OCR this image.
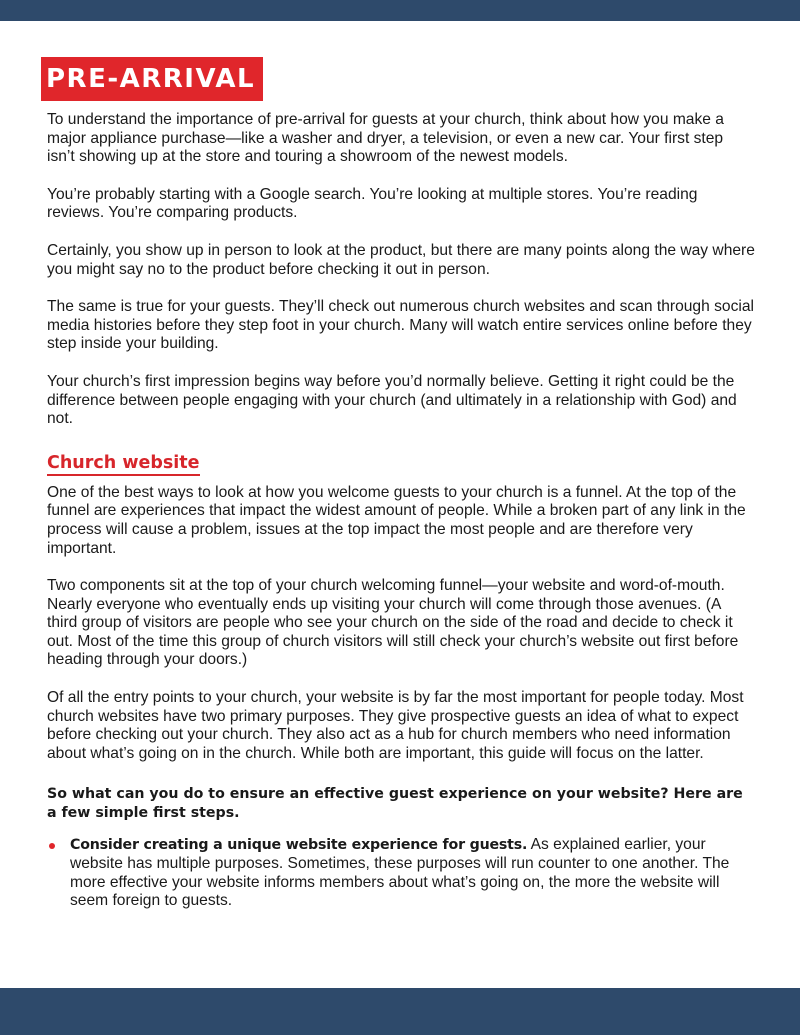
PRE-ARRIVAL

To understand the importance of pre-arrival for guests at your church, think about how you make a major appliance purchase—like a washer and dryer, a television, or even a new car. Your first step isn’t showing up at the store and touring a showroom of the newest models.

You’re probably starting with a Google search. You’re looking at multiple stores. You’re reading reviews. You’re comparing products.

Certainly, you show up in person to look at the product, but there are many points along the way where you might say no to the product before checking it out in person.

The same is true for your guests. They’ll check out numerous church websites and scan through social media histories before they step foot in your church. Many will watch entire services online before they step inside your building.

Your church’s first impression begins way before you’d normally believe. Getting it right could be the difference between people engaging with your church (and ultimately in a relationship with God) and not.

Church website

One of the best ways to look at how you welcome guests to your church is a funnel. At the top of the funnel are experiences that impact the widest amount of people. While a broken part of any link in the process will cause a problem, issues at the top impact the most people and are therefore very important.

Two components sit at the top of your church welcoming funnel—your website and word-of-mouth. Nearly everyone who eventually ends up visiting your church will come through those avenues. (A third group of visitors are people who see your church on the side of the road and decide to check it out. Most of the time this group of church visitors will still check your church’s website out first before heading through your doors.)

Of all the entry points to your church, your website is by far the most important for people today. Most church websites have two primary purposes. They give prospective guests an idea of what to expect before checking out your church. They also act as a hub for church members who need information about what’s going on in the church. While both are important, this guide will focus on the latter.

So what can you do to ensure an effective guest experience on your website? Here are a few simple first steps.

Consider creating a unique website experience for guests. As explained earlier, your website has multiple purposes. Sometimes, these purposes will run counter to one another. The more effective your website informs members about what’s going on, the more the website will seem foreign to guests.
